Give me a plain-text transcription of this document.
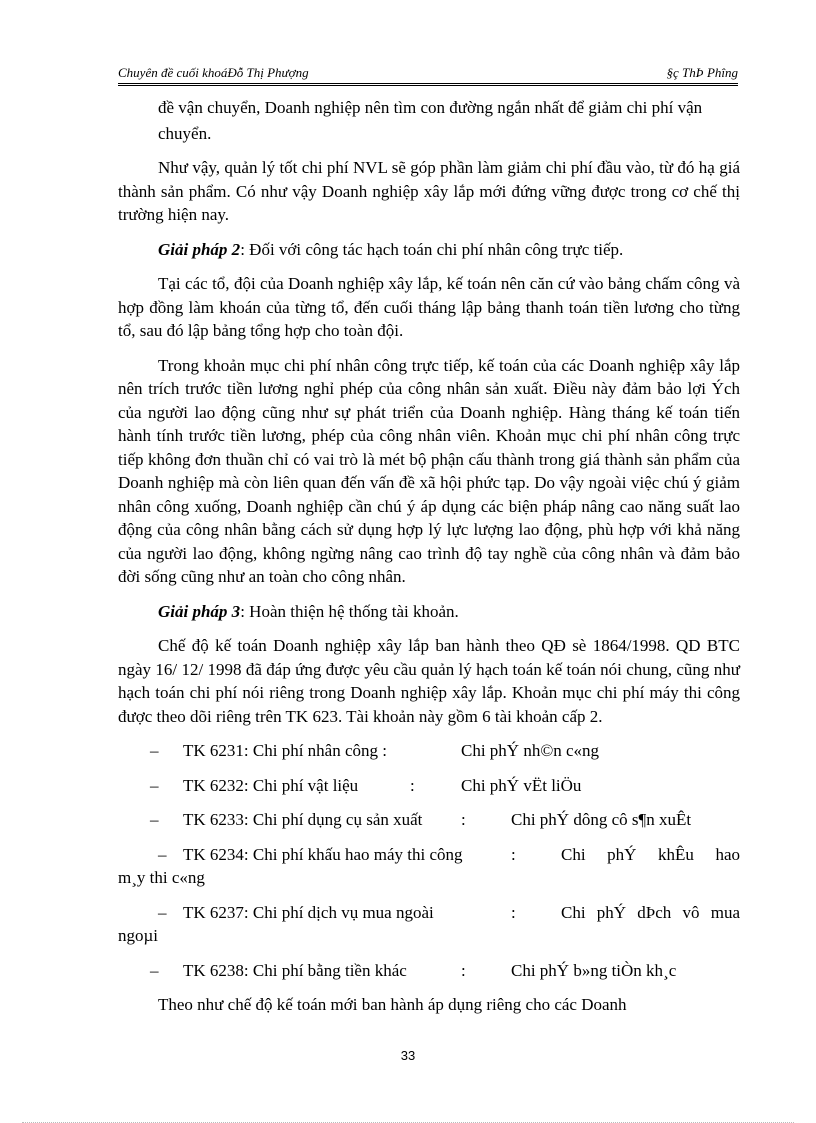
Chuyên đề cuối khoáĐỗ Thị Phượng	§ç ThÞ Phîng

đề vận chuyển, Doanh nghiệp nên tìm con đường ngắn nhất để giảm chi phí vận

chuyển.

Như vậy, quản lý tốt chi phí NVL sẽ góp phần làm giảm chi phí đầu vào, từ đó hạ giá thành sản phẩm. Có như vậy Doanh nghiệp xây lắp mới đứng vững được trong cơ chế thị trường hiện nay.

Giải pháp 2: Đối với công tác hạch toán chi phí nhân công trực tiếp.

Tại các tổ, đội của Doanh nghiệp xây lắp, kế toán nên căn cứ vào bảng chấm công và hợp đồng làm khoán của từng tổ, đến cuối tháng lập bảng thanh toán tiền lương cho từng tổ, sau đó lập bảng tổng hợp cho toàn đội.

Trong khoản mục chi phí nhân công trực tiếp, kế toán của các Doanh nghiệp xây lắp nên trích trước tiền lương nghỉ phép của công nhân sản xuất. Điều này đảm bảo lợi Ých của người lao động cũng như sự phát triển của Doanh nghiệp. Hàng tháng kế toán tiến hành tính trước tiền lương, phép của công nhân viên. Khoản mục chi phí nhân công trực tiếp không đơn thuần chỉ có vai trò là mét bộ phận cấu thành trong giá thành sản phẩm của Doanh nghiệp mà còn liên quan đến vấn đề xã hội phức tạp. Do vậy ngoài việc chú ý giảm nhân công xuống, Doanh nghiệp cần chú ý áp dụng các biện pháp nâng cao năng suất lao động của công nhân bằng cách sử dụng hợp lý lực lượng lao động, phù hợp với khả năng của người lao động, không ngừng nâng cao trình độ tay nghề của công nhân và đảm bảo đời sống cũng như an toàn cho công nhân.

Giải pháp 3: Hoàn thiện hệ thống tài khoản.

Chế độ kế toán Doanh nghiệp xây lắp ban hành theo QĐ sè 1864/1998. QD BTC ngày 16/ 12/ 1998 đã đáp ứng được yêu cầu quản lý hạch toán kế toán nói chung, cũng như hạch toán chi phí nói riêng trong Doanh nghiệp xây lắp. Khoản mục chi phí máy thi công được theo dõi riêng trên TK 623. Tài khoản này gồm 6 tài khoản cấp 2.

– TK 6231: Chi phí nhân công :	Chi phÝ nh©n c«ng
– TK 6232: Chi phí vật liệu	:	Chi phÝ vËt liÖu
– TK 6233: Chi phí dụng cụ sản xuất :	Chi phÝ dông cô s¶n xuÊt
– TK 6234: Chi phí khấu hao máy thi công	:	Chi phÝ khÊu hao
m¸y thi c«ng
– TK 6237: Chi phí dịch vụ mua ngoài	:	Chi phÝ dÞch vô mua
ngoµi
– TK 6238: Chi phí bằng tiền khác	:	Chi phÝ b»ng tiÒn kh¸c

Theo như chế độ kế toán mới ban hành áp dụng riêng cho các Doanh

33
